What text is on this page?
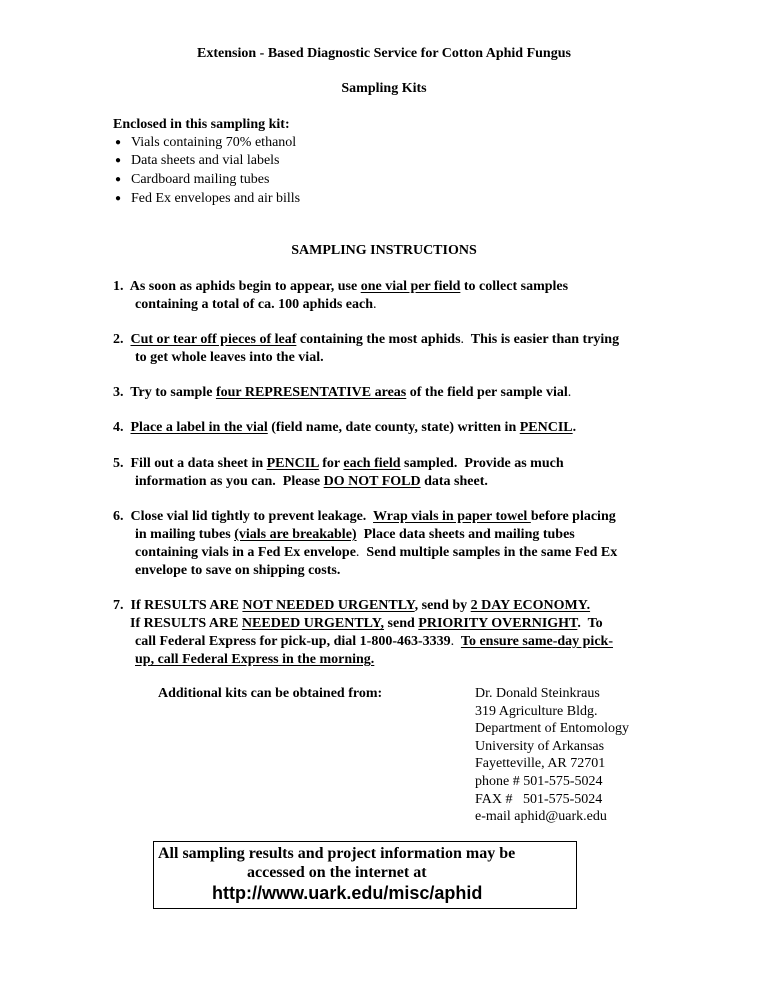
Extension - Based Diagnostic Service for Cotton Aphid Fungus
Sampling Kits
Enclosed in this sampling kit:
● Vials containing 70% ethanol
● Data sheets and vial labels
● Cardboard mailing tubes
● Fed Ex envelopes and air bills
SAMPLING INSTRUCTIONS
1. As soon as aphids begin to appear, use one vial per field to collect samples
containing a total of ca. 100 aphids each.
2. Cut or tear off pieces of leaf containing the most aphids.  This is easier than trying
to get whole leaves into the vial.
3. Try to sample four REPRESENTATIVE areas of the field per sample vial.
4. Place a label in the vial (field name, date county, state) written in PENCIL.
5. Fill out a data sheet in PENCIL for each field sampled.  Provide as much
information as you can.  Please DO NOT FOLD data sheet.
6. Close vial lid tightly to prevent leakage.  Wrap vials in paper towel before placing
in mailing tubes (vials are breakable)  Place data sheets and mailing tubes
containing vials in a Fed Ex envelope.  Send multiple samples in the same Fed Ex
envelope to save on shipping costs.
7. If RESULTS ARE NOT NEEDED URGENTLY, send by 2 DAY ECONOMY.
If RESULTS ARE NEEDED URGENTLY, send PRIORITY OVERNIGHT.  To
call Federal Express for pick-up, dial 1-800-463-3339. To ensure same-day pick-
up, call Federal Express in the morning.
Additional kits can be obtained from:	Dr. Donald Steinkraus
319 Agriculture Bldg.
Department of Entomology
University of Arkansas
Fayetteville, AR 72701
phone # 501-575-5024
FAX #   501-575-5024
e-mail aphid@uark.edu
All sampling results and project information may be
accessed on the internet at
http://www.uark.edu/misc/aphid
